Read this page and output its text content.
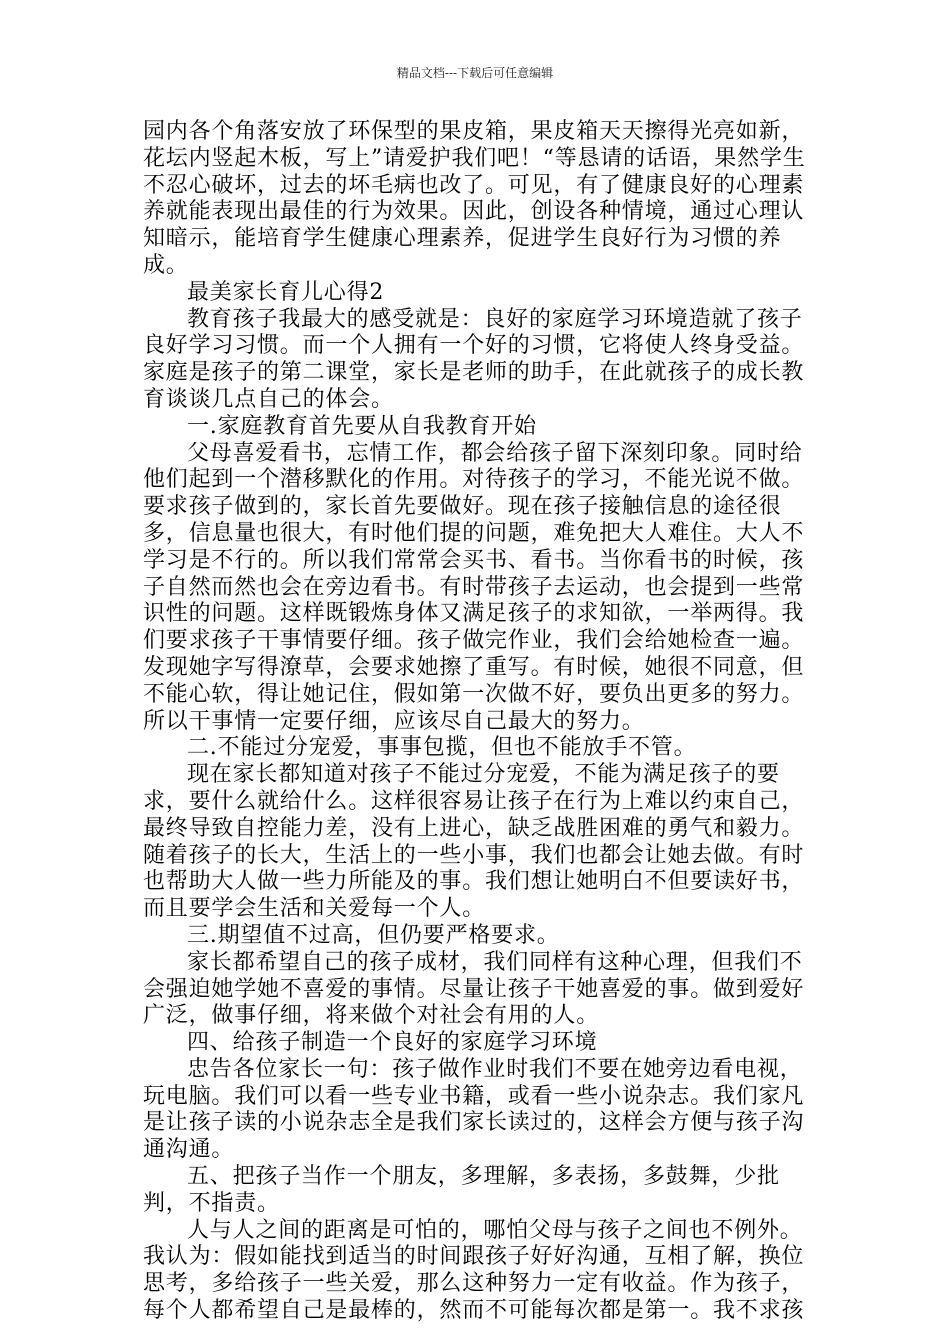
精品文档---下载后可任意编辑

园内各个角落安放了环保型的果皮箱，果皮箱天天擦得光亮如新，花坛内竖起木板，写上”请爱护我们吧！“等恳请的话语，果然学生不忍心破坏，过去的坏毛病也改了。可见，有了健康良好的心理素养就能表现出最佳的行为效果。因此，创设各种情境，通过心理认知暗示，能培育学生健康心理素养，促进学生良好行为习惯的养成。

最美家长育儿心得2

教育孩子我最大的感受就是：良好的家庭学习环境造就了孩子良好学习习惯。而一个人拥有一个好的习惯，它将使人终身受益。家庭是孩子的第二课堂，家长是老师的助手，在此就孩子的成长教育谈谈几点自己的体会。

一.家庭教育首先要从自我教育开始

父母喜爱看书，忘情工作，都会给孩子留下深刻印象。同时给他们起到一个潜移默化的作用。对待孩子的学习，不能光说不做。要求孩子做到的，家长首先要做好。现在孩子接触信息的途径很多，信息量也很大，有时他们提的问题，难免把大人难住。大人不学习是不行的。所以我们常常会买书、看书。当你看书的时候，孩子自然而然也会在旁边看书。有时带孩子去运动，也会提到一些常识性的问题。这样既锻炼身体又满足孩子的求知欲，一举两得。我们要求孩子干事情要仔细。孩子做完作业，我们会给她检查一遍。发现她字写得潦草，会要求她擦了重写。有时候，她很不同意，但不能心软，得让她记住，假如第一次做不好，要负出更多的努力。所以干事情一定要仔细，应该尽自己最大的努力。

二.不能过分宠爱，事事包揽，但也不能放手不管。

现在家长都知道对孩子不能过分宠爱，不能为满足孩子的要求，要什么就给什么。这样很容易让孩子在行为上难以约束自己，最终导致自控能力差，没有上进心，缺乏战胜困难的勇气和毅力。随着孩子的长大，生活上的一些小事，我们也都会让她去做。有时也帮助大人做一些力所能及的事。我们想让她明白不但要读好书，而且要学会生活和关爱每一个人。

三.期望值不过高，但仍要严格要求。

家长都希望自己的孩子成材，我们同样有这种心理，但我们不会强迫她学她不喜爱的事情。尽量让孩子干她喜爱的事。做到爱好广泛，做事仔细，将来做个对社会有用的人。

四、给孩子制造一个良好的家庭学习环境

忠告各位家长一句：孩子做作业时我们不要在她旁边看电视，玩电脑。我们可以看一些专业书籍，或看一些小说杂志。我们家凡是让孩子读的小说杂志全是我们家长读过的，这样会方便与孩子沟通沟通。

五、把孩子当作一个朋友，多理解，多表扬，多鼓舞，少批判，不指责。

人与人之间的距离是可怕的，哪怕父母与孩子之间也不例外。我认为：假如能找到适当的时间跟孩子好好沟通，互相了解，换位思考，多给孩子一些关爱，那么这种努力一定有收益。作为孩子，每个人都希望自己是最棒的，然而不可能每次都是第一。我不求孩
